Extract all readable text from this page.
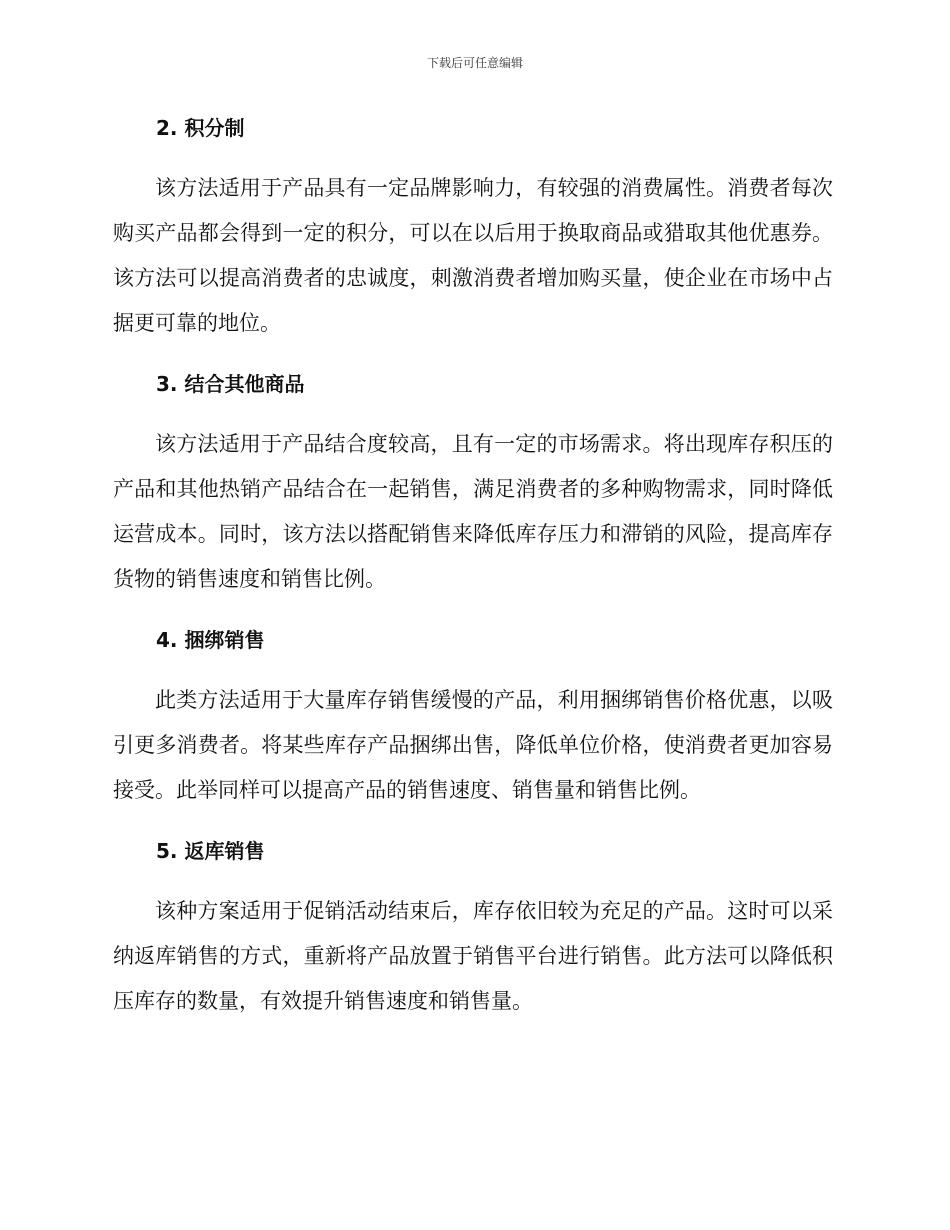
下载后可任意编辑
2. 积分制

该方法适用于产品具有一定品牌影响力，有较强的消费属性。消费者每次购买产品都会得到一定的积分，可以在以后用于换取商品或猎取其他优惠券。该方法可以提高消费者的忠诚度，刺激消费者增加购买量，使企业在市场中占据更可靠的地位。

3. 结合其他商品

该方法适用于产品结合度较高，且有一定的市场需求。将出现库存积压的产品和其他热销产品结合在一起销售，满足消费者的多种购物需求，同时降低运营成本。同时，该方法以搭配销售来降低库存压力和滞销的风险，提高库存货物的销售速度和销售比例。

4. 捆绑销售

此类方法适用于大量库存销售缓慢的产品，利用捆绑销售价格优惠，以吸引更多消费者。将某些库存产品捆绑出售，降低单位价格，使消费者更加容易接受。此举同样可以提高产品的销售速度、销售量和销售比例。

5. 返库销售

该种方案适用于促销活动结束后，库存依旧较为充足的产品。这时可以采纳返库销售的方式，重新将产品放置于销售平台进行销售。此方法可以降低积压库存的数量，有效提升销售速度和销售量。
